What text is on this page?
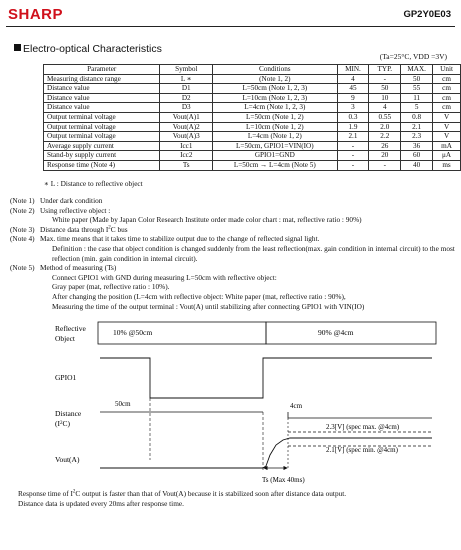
SHARP	GP2Y0E03
Electro-optical Characteristics
(Ta=25°C, VDD =3V)
Parameter	Symbol	Conditions	MIN.	TYP.	MAX.	Unit
Measuring distance range	L ∗	(Note 1, 2)	4	-	50	cm
Distance value	D1	L=50cm (Note 1, 2, 3)	45	50	55	cm
Distance value	D2	L=10cm (Note 1, 2, 3)	9	10	11	cm
Distance value	D3	L=4cm (Note 1, 2, 3)	3	4	5	cm
Output terminal voltage	Vout(A)1	L=50cm (Note 1, 2)	0.3	0.55	0.8	V
Output terminal voltage	Vout(A)2	L=10cm (Note 1, 2)	1.9	2.0	2.1	V
Output terminal voltage	Vout(A)3	L=4cm (Note 1, 2)	2.1	2.2	2.3	V
Average supply current	Icc1	L=50cm, GPIO1=VIN(IO)	-	26	36	mA
Stand-by supply current	Icc2	GPIO1=GND	-	20	60	μA
Response time (Note 4)	Ts	L=50cm → L=4cm (Note 5)	-	-	40	ms
∗ L : Distance to reflective object
(Note 1) Under dark condition
(Note 2) Using reflective object :
White paper (Made by Japan Color Research Institute order made color chart : mat, reflective ratio : 90%)
(Note 3) Distance data through $I^2C$ bus
(Note 4) Max. time means that it takes time to stabilize output due to the change of reflected signal light.
Definition : the case that object condition is changed suddenly from the least reflection(max. gain condition in internal circuit) to the most reflection (min. gain condition in internal circuit).
(Note 5) Method of measuring (Ts)
Connect GPIO1 with GND during measuring L=50cm with reflective object:
Gray paper (mat, reflective ratio : 10%).
After changing the position (L=4cm with reflective object: White paper (mat, reflective ratio : 90%),
Measuring the time of the output terminal : Vout(A) until stabilizing after connecting GPIO1 with VIN(IO)
Reflective
Object
10% @50cm	90% @4cm
GPIO1
Distance
$(I^2C)$
50cm	4cm
2.3[V] (spec max. @4cm)
2.1[V] (spec min. @4cm)
Vout(A)
Ts (Max 40ms)
Response time of $I^2C$ output is faster than that of Vout(A) because it is stabilized soon after distance data output.
Distance data is updated every 20ms after response time.
